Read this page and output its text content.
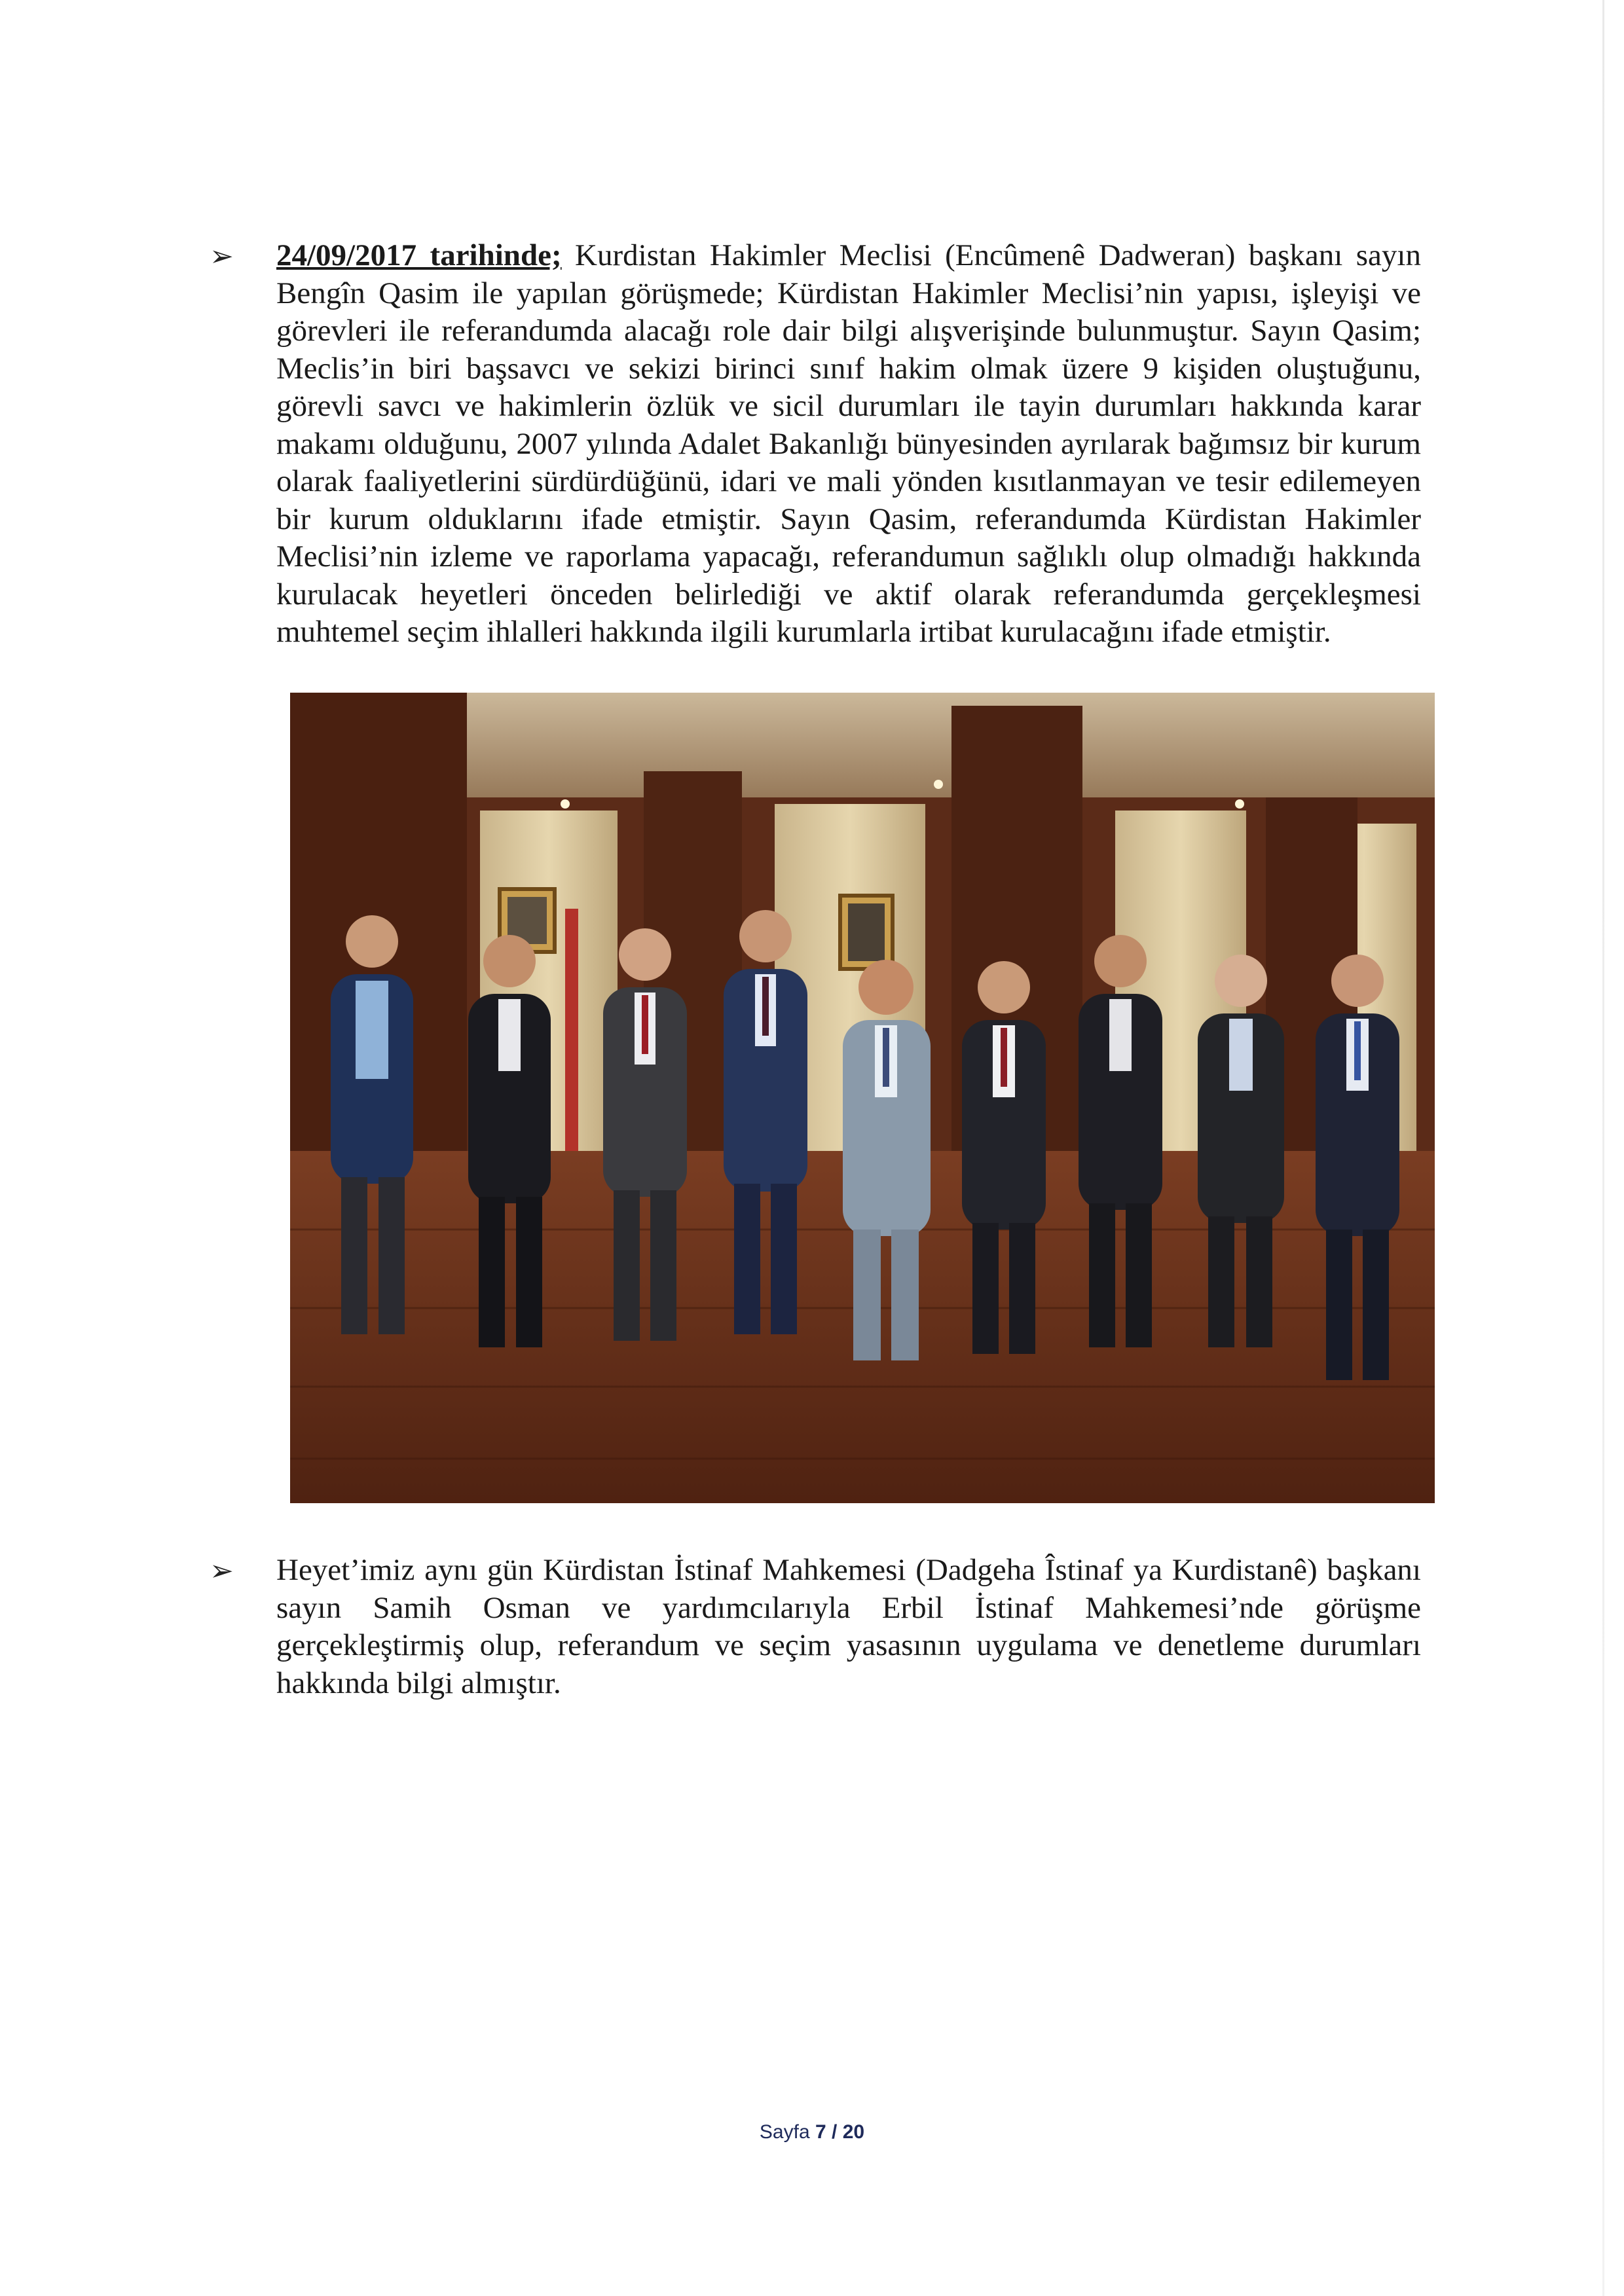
➢ 24/09/2017 tarihinde; Kurdistan Hakimler Meclisi (Encûmenê Dadweran) başkanı sayın Bengîn Qasim ile yapılan görüşmede; Kürdistan Hakimler Meclisi’nin yapısı, işleyişi ve görevleri ile referandumda alacağı role dair bilgi alışverişinde bulunmuştur. Sayın Qasim; Meclis’in biri başsavcı ve sekizi birinci sınıf hakim olmak üzere 9 kişiden oluştuğunu, görevli savcı ve hakimlerin özlük ve sicil durumları ile tayin durumları hakkında karar makamı olduğunu, 2007 yılında Adalet Bakanlığı bünyesinden ayrılarak bağımsız bir kurum olarak faaliyetlerini sürdürdüğünü, idari ve mali yönden kısıtlanmayan ve tesir edilemeyen bir kurum olduklarını ifade etmiştir. Sayın Qasim, referandumda Kürdistan Hakimler Meclisi’nin izleme ve raporlama yapacağı, referandumun sağlıklı olup olmadığı hakkında kurulacak heyetleri önceden belirlediği ve aktif olarak referandumda gerçekleşmesi muhtemel seçim ihlalleri hakkında ilgili kurumlarla irtibat kurulacağını ifade etmiştir.

➢ Heyet’imiz aynı gün Kürdistan İstinaf Mahkemesi (Dadgeha Îstinaf ya Kurdistanê) başkanı sayın Samih Osman ve yardımcılarıyla Erbil İstinaf Mahkemesi’nde görüşme gerçekleştirmiş olup, referandum ve seçim yasasının uygulama ve denetleme durumları hakkında bilgi almıştır.

Sayfa 7 / 20
